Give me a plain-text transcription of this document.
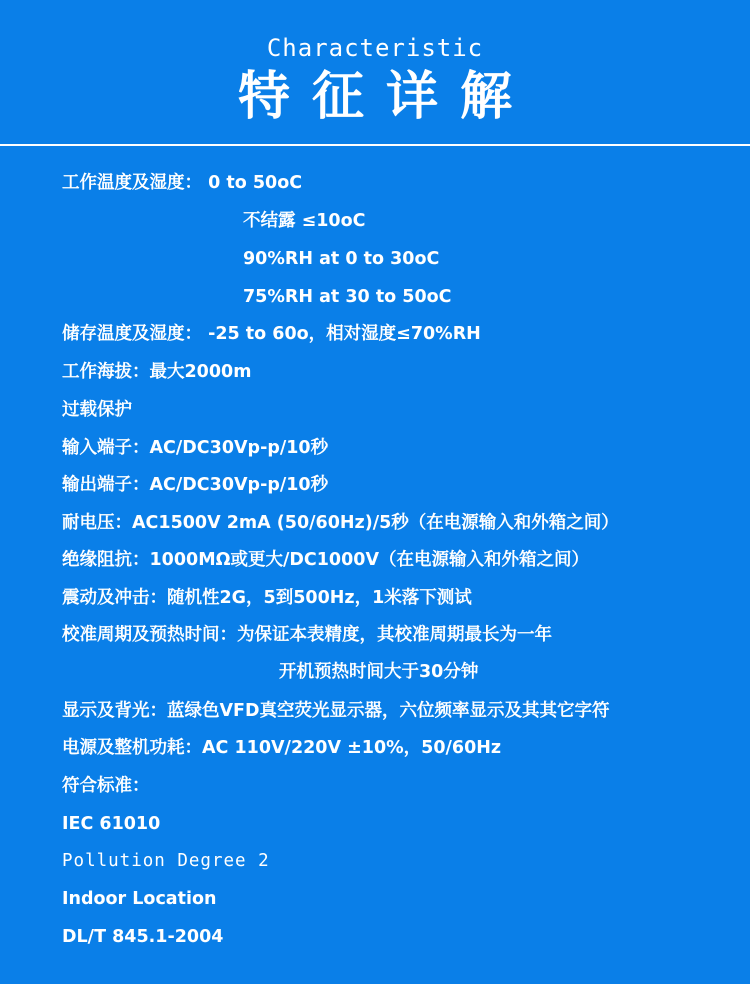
Characteristic
特征详解
工作温度及湿度： 0 to 50oC
不结露 ≤10oC
90%RH at 0 to 30oC
75%RH at 30 to 50oC
储存温度及湿度： -25 to 60o，相对湿度≤70%RH
工作海拔：最大2000m
过载保护
输入端子：AC/DC30Vp-p/10秒
输出端子：AC/DC30Vp-p/10秒
耐电压：AC1500V 2mA (50/60Hz)/5秒（在电源输入和外箱之间）
绝缘阻抗：1000MΩ或更大/DC1000V（在电源输入和外箱之间）
震动及冲击：随机性2G，5到500Hz，1米落下测试
校准周期及预热时间：为保证本表精度，其校准周期最长为一年
开机预热时间大于30分钟
显示及背光：蓝绿色VFD真空荧光显示器，六位频率显示及其其它字符
电源及整机功耗：AC 110V/220V ±10%，50/60Hz
符合标准：
IEC 61010
Pollution Degree 2
Indoor Location
DL/T 845.1-2004
